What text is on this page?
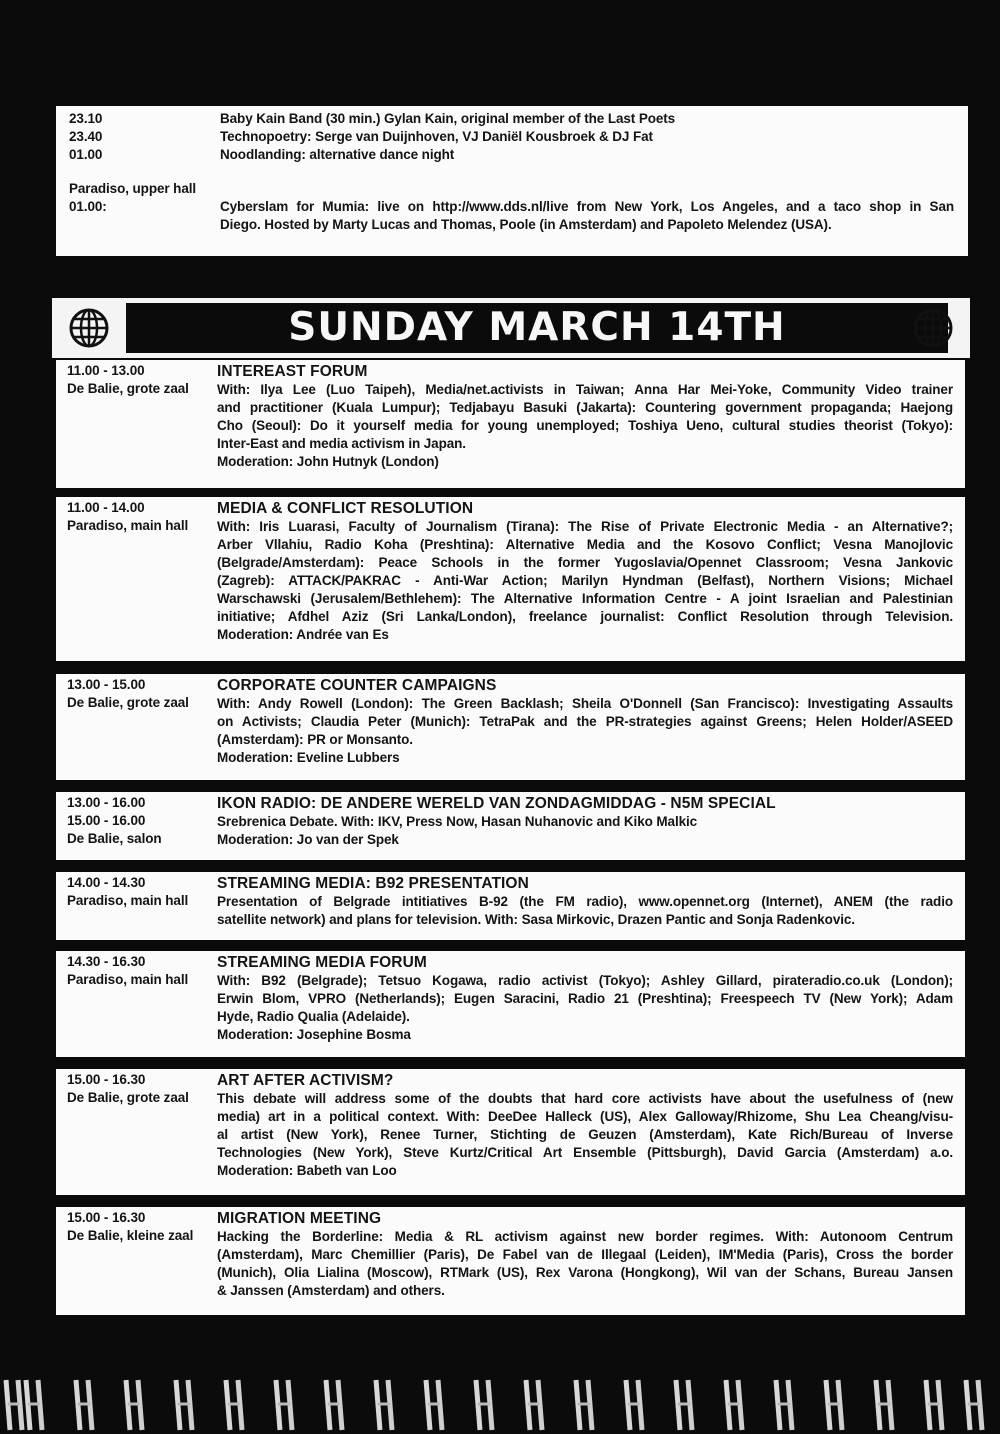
23.10
23.40
01.00
Baby Kain Band (30 min.) Gylan Kain, original member of the Last Poets
Technopoetry: Serge van Duijnhoven, VJ Daniël Kousbroek & DJ Fat
Noodlanding: alternative dance night
Paradiso, upper hall
01.00:	Cyberslam for Mumia: live on http://www.dds.nl/live from New York, Los Angeles, and a taco shop in San
Diego. Hosted by Marty Lucas and Thomas, Poole (in Amsterdam) and Papoleto Melendez (USA).
SUNDAY MARCH 14TH
11.00 - 13.00
De Balie, grote zaal
INTEREAST FORUM
With: Ilya Lee (Luo Taipeh), Media/net.activists in Taiwan; Anna Har Mei-Yoke, Community Video trainer
and practitioner (Kuala Lumpur); Tedjabayu Basuki (Jakarta): Countering government propaganda; Haejong
Cho (Seoul): Do it yourself media for young unemployed; Toshiya Ueno, cultural studies theorist (Tokyo):
Inter-East and media activism in Japan.
Moderation: John Hutnyk (London)
11.00 - 14.00
Paradiso, main hall
MEDIA & CONFLICT RESOLUTION
With: Iris Luarasi, Faculty of Journalism (Tirana): The Rise of Private Electronic Media - an Alternative?;
Arber Vllahiu, Radio Koha (Preshtina): Alternative Media and the Kosovo Conflict; Vesna Manojlovic
(Belgrade/Amsterdam): Peace Schools in the former Yugoslavia/Opennet Classroom; Vesna Jankovic
(Zagreb): ATTACK/PAKRAC - Anti-War Action; Marilyn Hyndman (Belfast), Northern Visions; Michael
Warschawski (Jerusalem/Bethlehem): The Alternative Information Centre - A joint Israelian and Palestinian
initiative; Afdhel Aziz (Sri Lanka/London), freelance journalist: Conflict Resolution through Television.
Moderation: Andrée van Es
13.00 - 15.00
De Balie, grote zaal
CORPORATE COUNTER CAMPAIGNS
With: Andy Rowell (London): The Green Backlash; Sheila O'Donnell (San Francisco): Investigating Assaults
on Activists; Claudia Peter (Munich): TetraPak and the PR-strategies against Greens; Helen Holder/ASEED
(Amsterdam): PR or Monsanto.
Moderation: Eveline Lubbers
13.00 - 16.00
15.00 - 16.00
De Balie, salon
IKON RADIO: DE ANDERE WERELD VAN ZONDAGMIDDAG - N5M SPECIAL
Srebrenica Debate. With: IKV, Press Now, Hasan Nuhanovic and Kiko Malkic
Moderation: Jo van der Spek
14.00 - 14.30
Paradiso, main hall
STREAMING MEDIA: B92 PRESENTATION
Presentation of Belgrade intitiatives B-92 (the FM radio), www.opennet.org (Internet), ANEM (the radio
satellite network) and plans for television. With: Sasa Mirkovic, Drazen Pantic and Sonja Radenkovic.
14.30 - 16.30
Paradiso, main hall
STREAMING MEDIA FORUM
With: B92 (Belgrade); Tetsuo Kogawa, radio activist (Tokyo); Ashley Gillard, pirateradio.co.uk (London);
Erwin Blom, VPRO (Netherlands); Eugen Saracini, Radio 21 (Preshtina); Freespeech TV (New York); Adam
Hyde, Radio Qualia (Adelaide).
Moderation: Josephine Bosma
15.00 - 16.30
De Balie, grote zaal
ART AFTER ACTIVISM?
This debate will address some of the doubts that hard core activists have about the usefulness of (new
media) art in a political context. With: DeeDee Halleck (US), Alex Galloway/Rhizome, Shu Lea Cheang/visu-
al artist (New York), Renee Turner, Stichting de Geuzen (Amsterdam), Kate Rich/Bureau of Inverse
Technologies (New York), Steve Kurtz/Critical Art Ensemble (Pittsburgh), David Garcia (Amsterdam) a.o.
Moderation: Babeth van Loo
15.00 - 16.30
De Balie, kleine zaal
MIGRATION MEETING
Hacking the Borderline: Media & RL activism against new border regimes. With: Autonoom Centrum
(Amsterdam), Marc Chemillier (Paris), De Fabel van de Illegaal (Leiden), IM'Media (Paris), Cross the border
(Munich), Olia Lialina (Moscow), RTMark (US), Rex Varona (Hongkong), Wil van der Schans, Bureau Jansen
& Janssen (Amsterdam) and others.
